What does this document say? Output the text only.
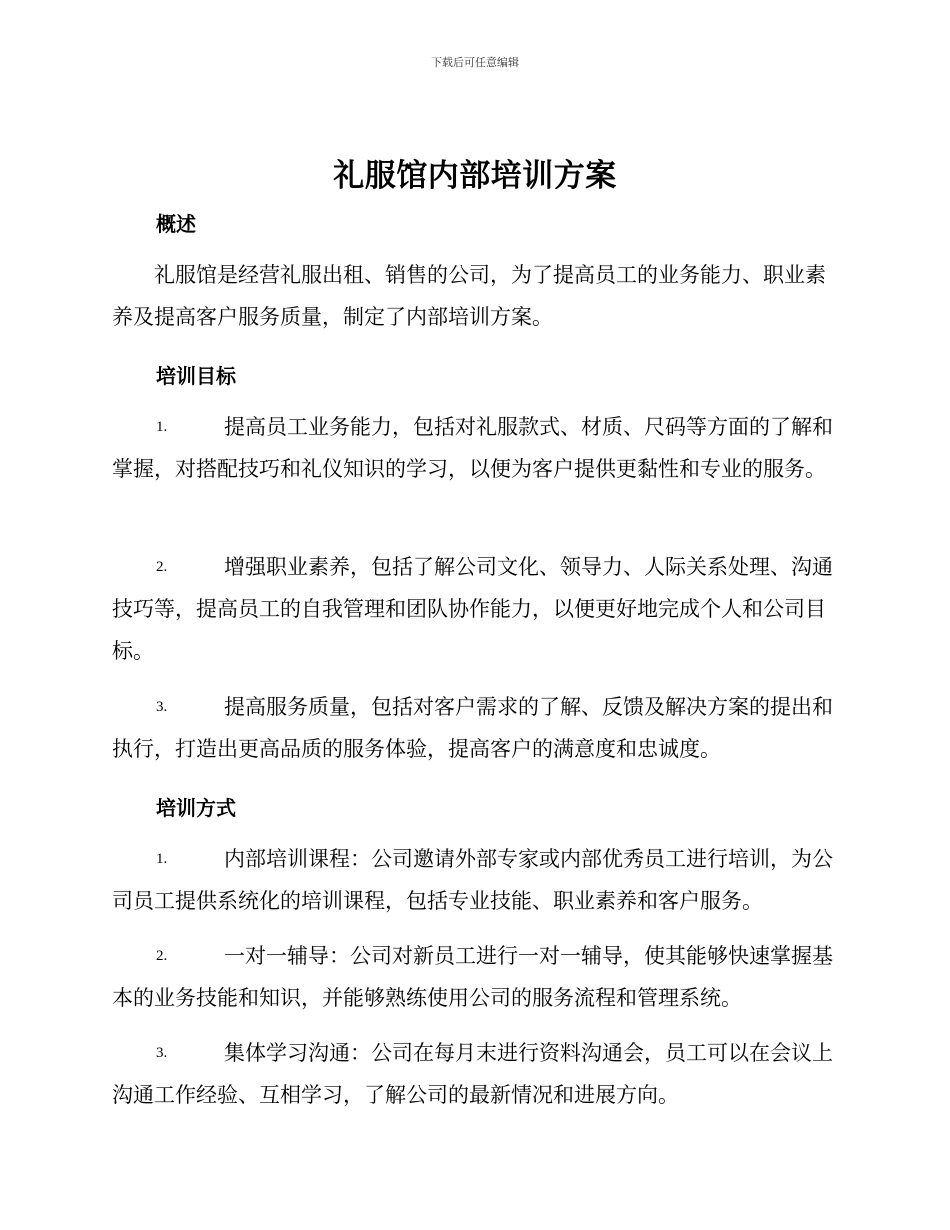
下载后可任意编辑
礼服馆内部培训方案
概述
礼服馆是经营礼服出租、销售的公司，为了提高员工的业务能力、职业素养及提高客户服务质量，制定了内部培训方案。
培训目标
1.	提高员工业务能力，包括对礼服款式、材质、尺码等方面的了解和掌握，对搭配技巧和礼仪知识的学习，以便为客户提供更黏性和专业的服务。
2.	增强职业素养，包括了解公司文化、领导力、人际关系处理、沟通技巧等，提高员工的自我管理和团队协作能力，以便更好地完成个人和公司目标。
3.	提高服务质量，包括对客户需求的了解、反馈及解决方案的提出和执行，打造出更高品质的服务体验，提高客户的满意度和忠诚度。
培训方式
1.	内部培训课程：公司邀请外部专家或内部优秀员工进行培训，为公司员工提供系统化的培训课程，包括专业技能、职业素养和客户服务。
2.	一对一辅导：公司对新员工进行一对一辅导，使其能够快速掌握基本的业务技能和知识，并能够熟练使用公司的服务流程和管理系统。
3.	集体学习沟通：公司在每月末进行资料沟通会，员工可以在会议上沟通工作经验、互相学习，了解公司的最新情况和进展方向。
